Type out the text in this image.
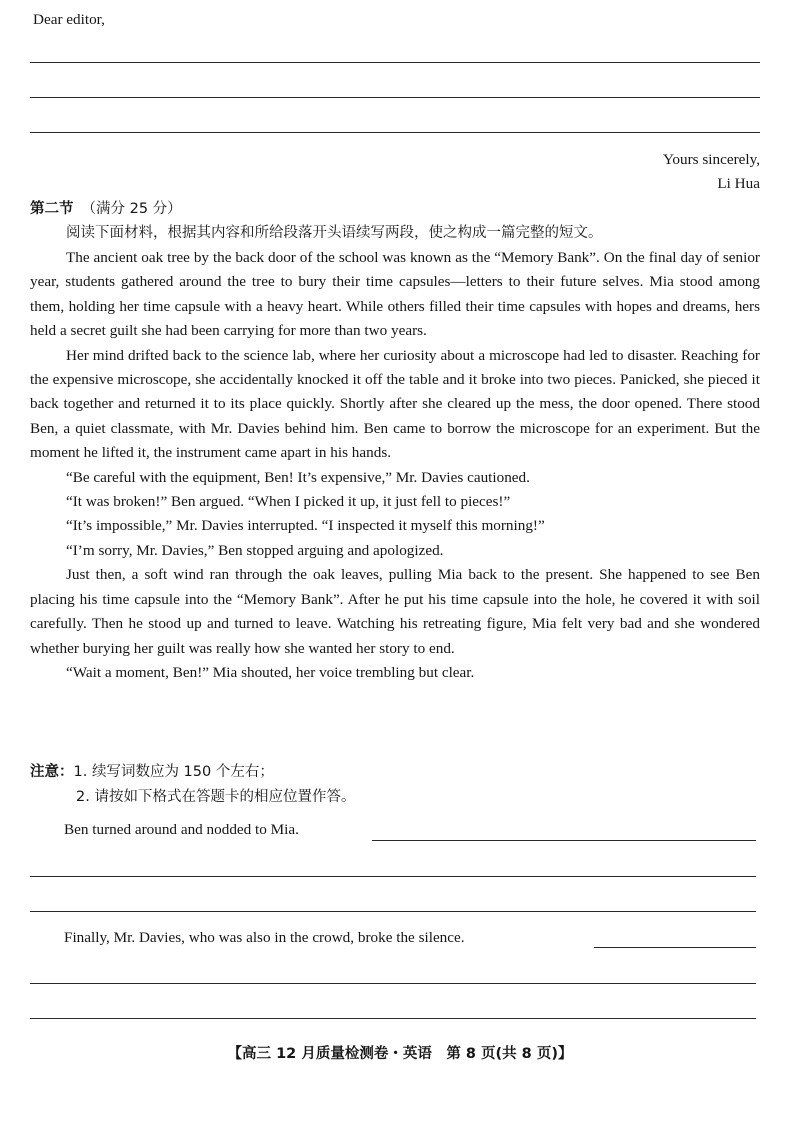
Dear editor,
Yours sincerely,
Li Hua
第二节 （满分 25 分）
阅读下面材料，根据其内容和所给段落开头语续写两段，使之构成一篇完整的短文。

The ancient oak tree by the back door of the school was known as the “Memory Bank”. On the final day of senior year, students gathered around the tree to bury their time capsules—letters to their future selves. Mia stood among them, holding her time capsule with a heavy heart. While others filled their time capsules with hopes and dreams, hers held a secret guilt she had been carrying for more than two years.

Her mind drifted back to the science lab, where her curiosity about a microscope had led to disaster. Reaching for the expensive microscope, she accidentally knocked it off the table and it broke into two pieces. Panicked, she pieced it back together and returned it to its place quickly. Shortly after she cleared up the mess, the door opened. There stood Ben, a quiet classmate, with Mr. Davies behind him. Ben came to borrow the microscope for an experiment. But the moment he lifted it, the instrument came apart in his hands.

“Be careful with the equipment, Ben! It’s expensive,” Mr. Davies cautioned.

“It was broken!” Ben argued. “When I picked it up, it just fell to pieces!”

“It’s impossible,” Mr. Davies interrupted. “I inspected it myself this morning!”

“I’m sorry, Mr. Davies,” Ben stopped arguing and apologized.

Just then, a soft wind ran through the oak leaves, pulling Mia back to the present. She happened to see Ben placing his time capsule into the “Memory Bank”. After he put his time capsule into the hole, he covered it with soil carefully. Then he stood up and turned to leave. Watching his retreating figure, Mia felt very bad and she wondered whether burying her guilt was really how she wanted her story to end.

“Wait a moment, Ben!” Mia shouted, her voice trembling but clear.

注意：1. 续写词数应为 150 个左右；
2. 请按如下格式在答题卡的相应位置作答。
Ben turned around and nodded to Mia.
Finally, Mr. Davies, who was also in the crowd, broke the silence.
【高三 12 月质量检测卷・英语　第 8 页(共 8 页)】
